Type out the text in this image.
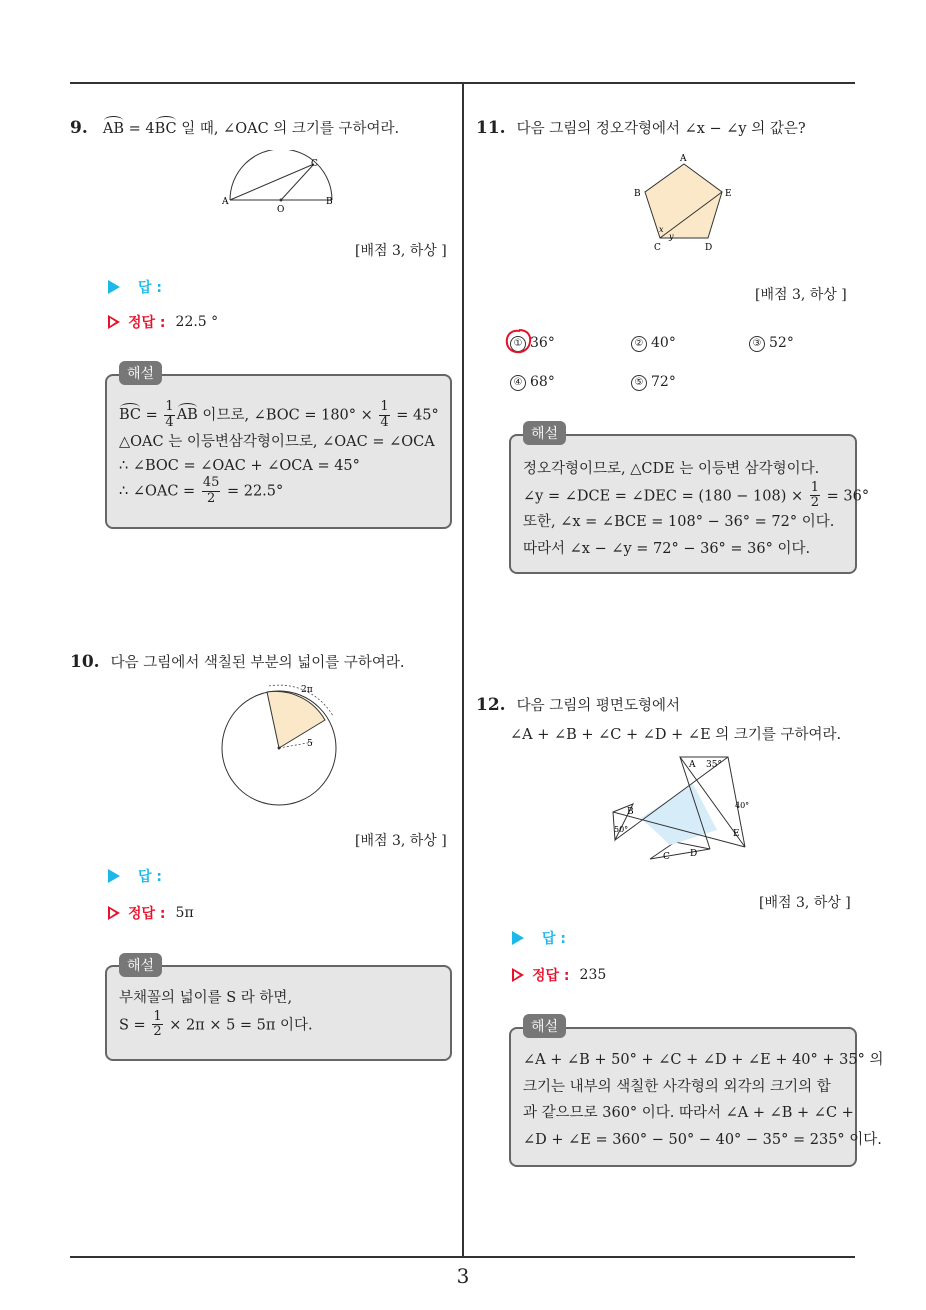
3
9. AB = 4BC 일 때, ∠OAC 의 크기를 구하여라.
A
O
B
C
[배점 3, 하상 ]
답 :
정답 : 22.5 °
BC = $\frac{1}{4}$ AB 이므로, ∠BOC = $180^\circ \times \frac{1}{4} = 45^\circ$
△OAC 는 이등변삼각형이므로, ∠OAC = ∠OCA
∴ ∠BOC = ∠OAC + ∠OCA = 45°
∴ ∠OAC = $\frac{45}{2} = 22.5^\circ$
해설
10. 다음 그림에서 색칠된 부분의 넓이를 구하여라.
2π
5
[배점 3, 하상 ]
답 :
정답 : 5π
부채꼴의 넓이를 S 라 하면,
$S = \frac{1}{2} \times 2\pi \times 5 = 5\pi$ 이다.
해설
11. 다음 그림의 정오각형에서 ∠x − ∠y 의 값은?
A
B
C	D
E
x
y
[배점 3, 하상 ]
① 36°	② 40°	③ 52°
④ 68°	⑤ 72°
정오각형이므로, △CDE 는 이등변 삼각형이다.
∠y = ∠DCE = ∠DEC = $(180 - 108) \times \frac{1}{2} = 36^\circ$
또한, ∠x = ∠BCE = 108° − 36° = 72° 이다.
따라서 ∠x − ∠y = 72° − 36° = 36° 이다.
해설
12. 다음 그림의 평면도형에서
∠A + ∠B + ∠C + ∠D + ∠E 의 크기를 구하여라.
A 35°
B
50°
C D
E
40°
[배점 3, 하상 ]
답 :
정답 : 235
∠A + ∠B + 50° + ∠C + ∠D + ∠E + 40° + 35° 의
크기는 내부의 색칠한 사각형의 외각의 크기의 합
과 같으므로 360° 이다. 따라서 ∠A + ∠B + ∠C +
∠D + ∠E = 360° − 50° − 40° − 35° = 235° 이다.
해설
